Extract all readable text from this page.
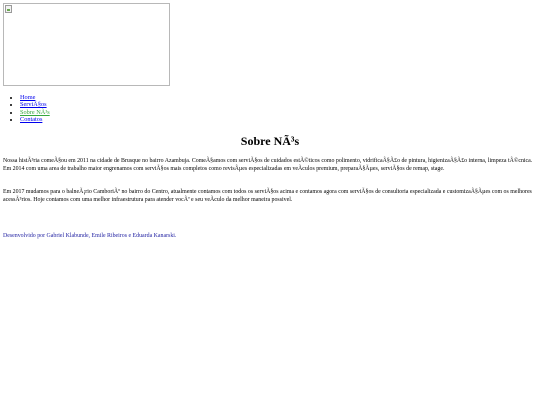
• Home
• ServiÃ§os
• Sobre NÃ³s
• Contatos
Sobre NÃ³s

Nossa histÃ³ria comeÃ§ou em 2011 na cidade de Brusque no bairro Azambuja. ComeÃ§amos com serviÃ§os de cuidados estÃ©ticos como polimento, vidrificaÃ§Ã£o de pintura, higienizaÃ§Ã£o interna, limpeza tÃ©cnica. Em 2014 com uma area de trabalho maior engrenamos com serviÃ§os mais completos como revisÃµes especializadas em veÃculos premium, preparaÃ§Ãµes, serviÃ§os de remap, stage.

Em 2017 mudamos para o balneÃ¡rio CamboriÃº no bairro do Centro, atualmente contamos com todos os serviÃ§os acima e contamos agora com serviÃ§os de consultoria especializada e customizaÃ§Ãµes com os melhores acessÃ³rios. Hoje contamos com uma melhor infraestrutura para atender vocÃª e seu veÃculo da melhor maneira possivel.

Desenvolvido por Gabriel Klabunde, Emile Ribeiros e Eduarda Kanarski.
